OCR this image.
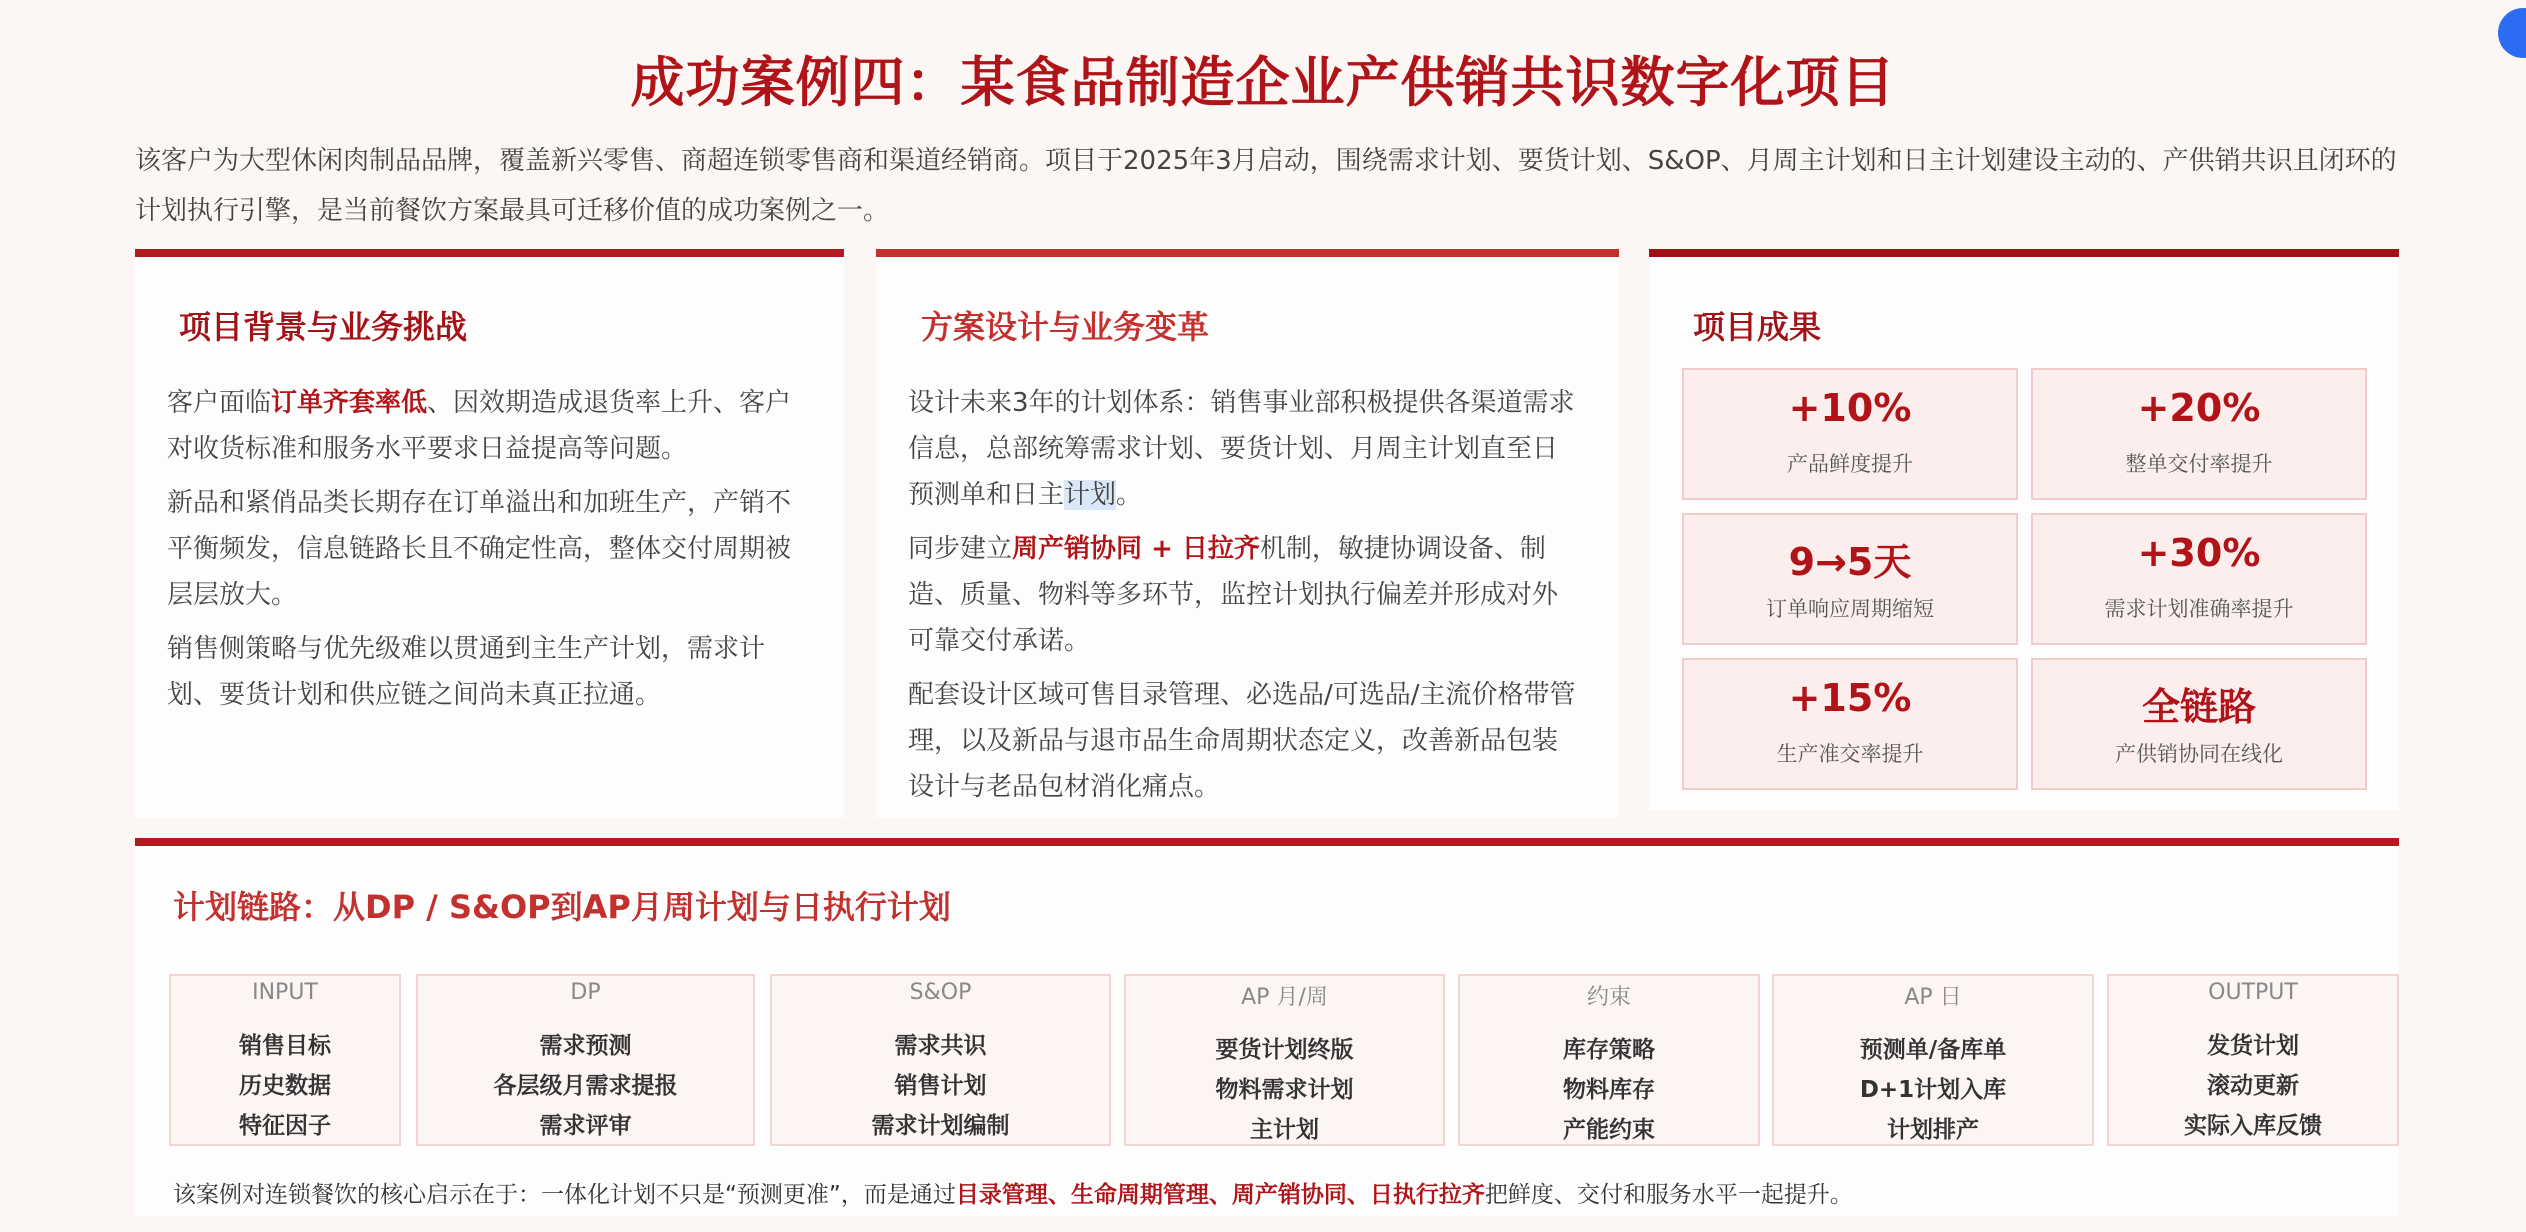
成功案例四：某食品制造企业产供销共识数字化项目
该客户为大型休闲肉制品品牌，覆盖新兴零售、商超连锁零售商和渠道经销商。项目于2025年3月启动，围绕需求计划、要货计划、S&OP、月周主计划和日主计划建设主动的、产供销共识且闭环的计划执行引擎，是当前餐饮方案最具可迁移价值的成功案例之一。
项目背景与业务挑战

客户面临订单齐套率低、因效期造成退货率上升、客户对收货标准和服务水平要求日益提高等问题。

新品和紧俏品类长期存在订单溢出和加班生产，产销不平衡频发，信息链路长且不确定性高，整体交付周期被层层放大。

销售侧策略与优先级难以贯通到主生产计划，需求计划、要货计划和供应链之间尚未真正拉通。

方案设计与业务变革

设计未来3年的计划体系：销售事业部积极提供各渠道需求信息，总部统筹需求计划、要货计划、月周主计划直至日预测单和日主计划。

同步建立周产销协同 + 日拉齐机制，敏捷协调设备、制造、质量、物料等多环节，监控计划执行偏差并形成对外可靠交付承诺。

配套设计区域可售目录管理、必选品/可选品/主流价格带管理，以及新品与退市品生命周期状态定义，改善新品包装设计与老品包材消化痛点。

项目成果
+10%
产品鲜度提升
+20%
整单交付率提升
9→5天
订单响应周期缩短
+30%
需求计划准确率提升
+15%
生产准交率提升
全链路
产供销协同在线化
计划链路：从DP / S&OP到AP月周计划与日执行计划
INPUT
销售目标
历史数据
特征因子
DP
需求预测
各层级月需求提报
需求评审
S&OP
需求共识
销售计划
需求计划编制
AP 月/周
要货计划终版
物料需求计划
主计划
约束
库存策略
物料库存
产能约束
AP 日
预测单/备库单
D+1计划入库
计划排产
OUTPUT
发货计划
滚动更新
实际入库反馈
该案例对连锁餐饮的核心启示在于：一体化计划不只是“预测更准”，而是通过目录管理、生命周期管理、周产销协同、日执行拉齐把鲜度、交付和服务水平一起提升。
